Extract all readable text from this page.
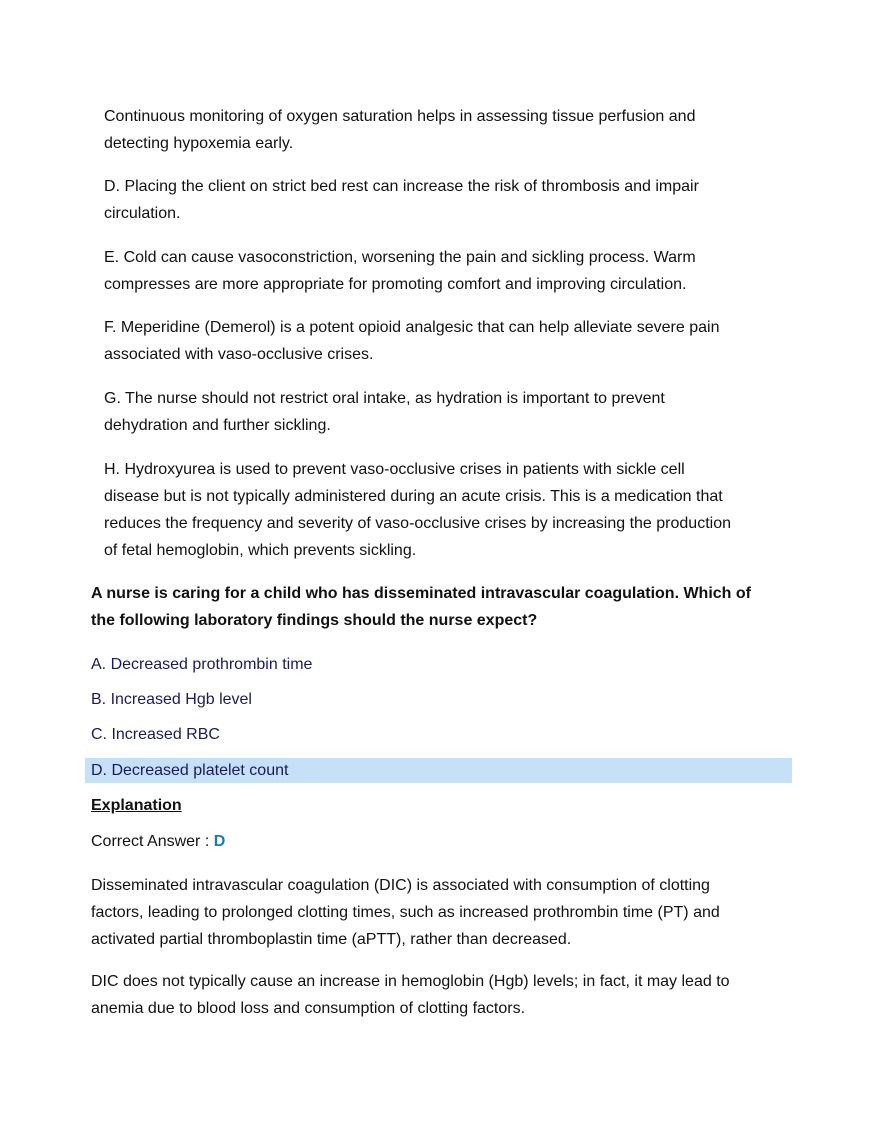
Continuous monitoring of oxygen saturation helps in assessing tissue perfusion and
detecting hypoxemia early.
D. Placing the client on strict bed rest can increase the risk of thrombosis and impair
circulation.
E. Cold can cause vasoconstriction, worsening the pain and sickling process. Warm
compresses are more appropriate for promoting comfort and improving circulation.
F. Meperidine (Demerol) is a potent opioid analgesic that can help alleviate severe pain
associated with vaso-occlusive crises.
G. The nurse should not restrict oral intake, as hydration is important to prevent
dehydration and further sickling.
H. Hydroxyurea is used to prevent vaso-occlusive crises in patients with sickle cell
disease but is not typically administered during an acute crisis. This is a medication that
reduces the frequency and severity of vaso-occlusive crises by increasing the production
of fetal hemoglobin, which prevents sickling.
A nurse is caring for a child who has disseminated intravascular coagulation. Which of
the following laboratory findings should the nurse expect?
A. Decreased prothrombin time
B. Increased Hgb level
C. Increased RBC
D. Decreased platelet count
Explanation
Correct Answer : D
Disseminated intravascular coagulation (DIC) is associated with consumption of clotting
factors, leading to prolonged clotting times, such as increased prothrombin time (PT) and
activated partial thromboplastin time (aPTT), rather than decreased.
DIC does not typically cause an increase in hemoglobin (Hgb) levels; in fact, it may lead to
anemia due to blood loss and consumption of clotting factors.
